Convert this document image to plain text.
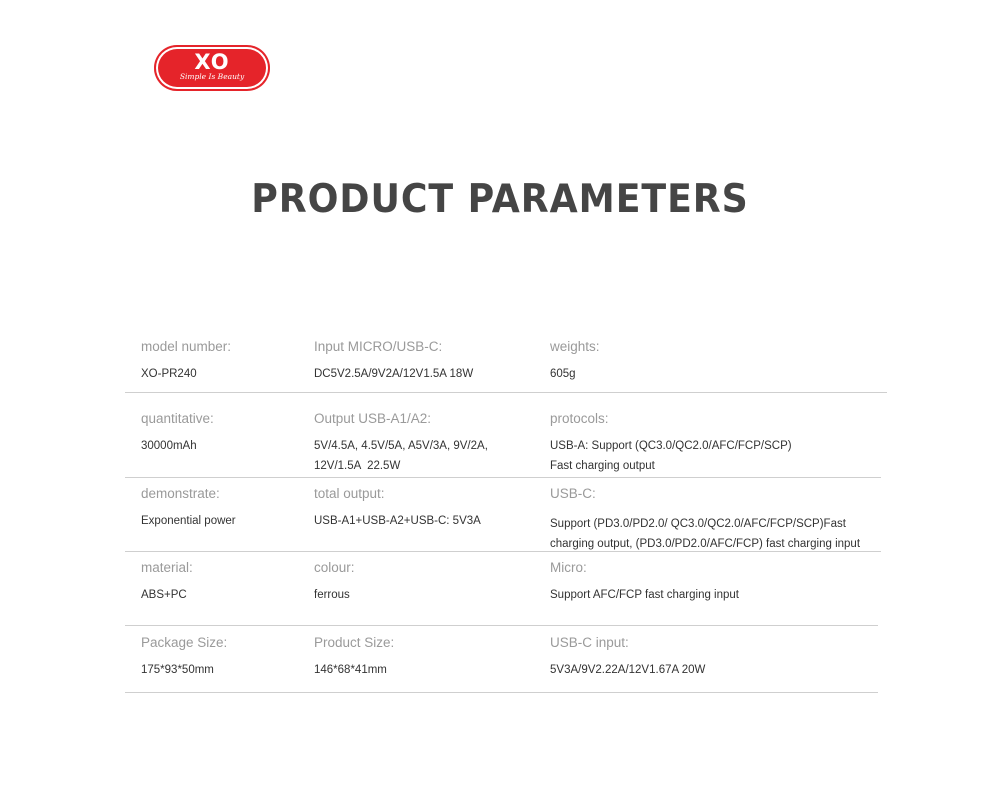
XO
Simple Is Beauty
PRODUCT PARAMETERS
model number:
XO-PR240
Input MICRO/USB-C:
DC5V2.5A/9V2A/12V1.5A 18W
weights:
605g
quantitative:
30000mAh
Output USB-A1/A2:
5V/4.5A, 4.5V/5A, A5V/3A, 9V/2A,
12V/1.5A  22.5W
protocols:
USB-A: Support (QC3.0/QC2.0/AFC/FCP/SCP)
Fast charging output
demonstrate:
Exponential power
total output:
USB-A1+USB-A2+USB-C: 5V3A
USB-C:
Support (PD3.0/PD2.0/ QC3.0/QC2.0/AFC/FCP/SCP)Fast
charging output, (PD3.0/PD2.0/AFC/FCP) fast charging input
material:
ABS+PC
colour:
ferrous
Micro:
Support AFC/FCP fast charging input
Package Size:
175*93*50mm
Product Size:
146*68*41mm
USB-C input:
5V3A/9V2.22A/12V1.67A 20W
